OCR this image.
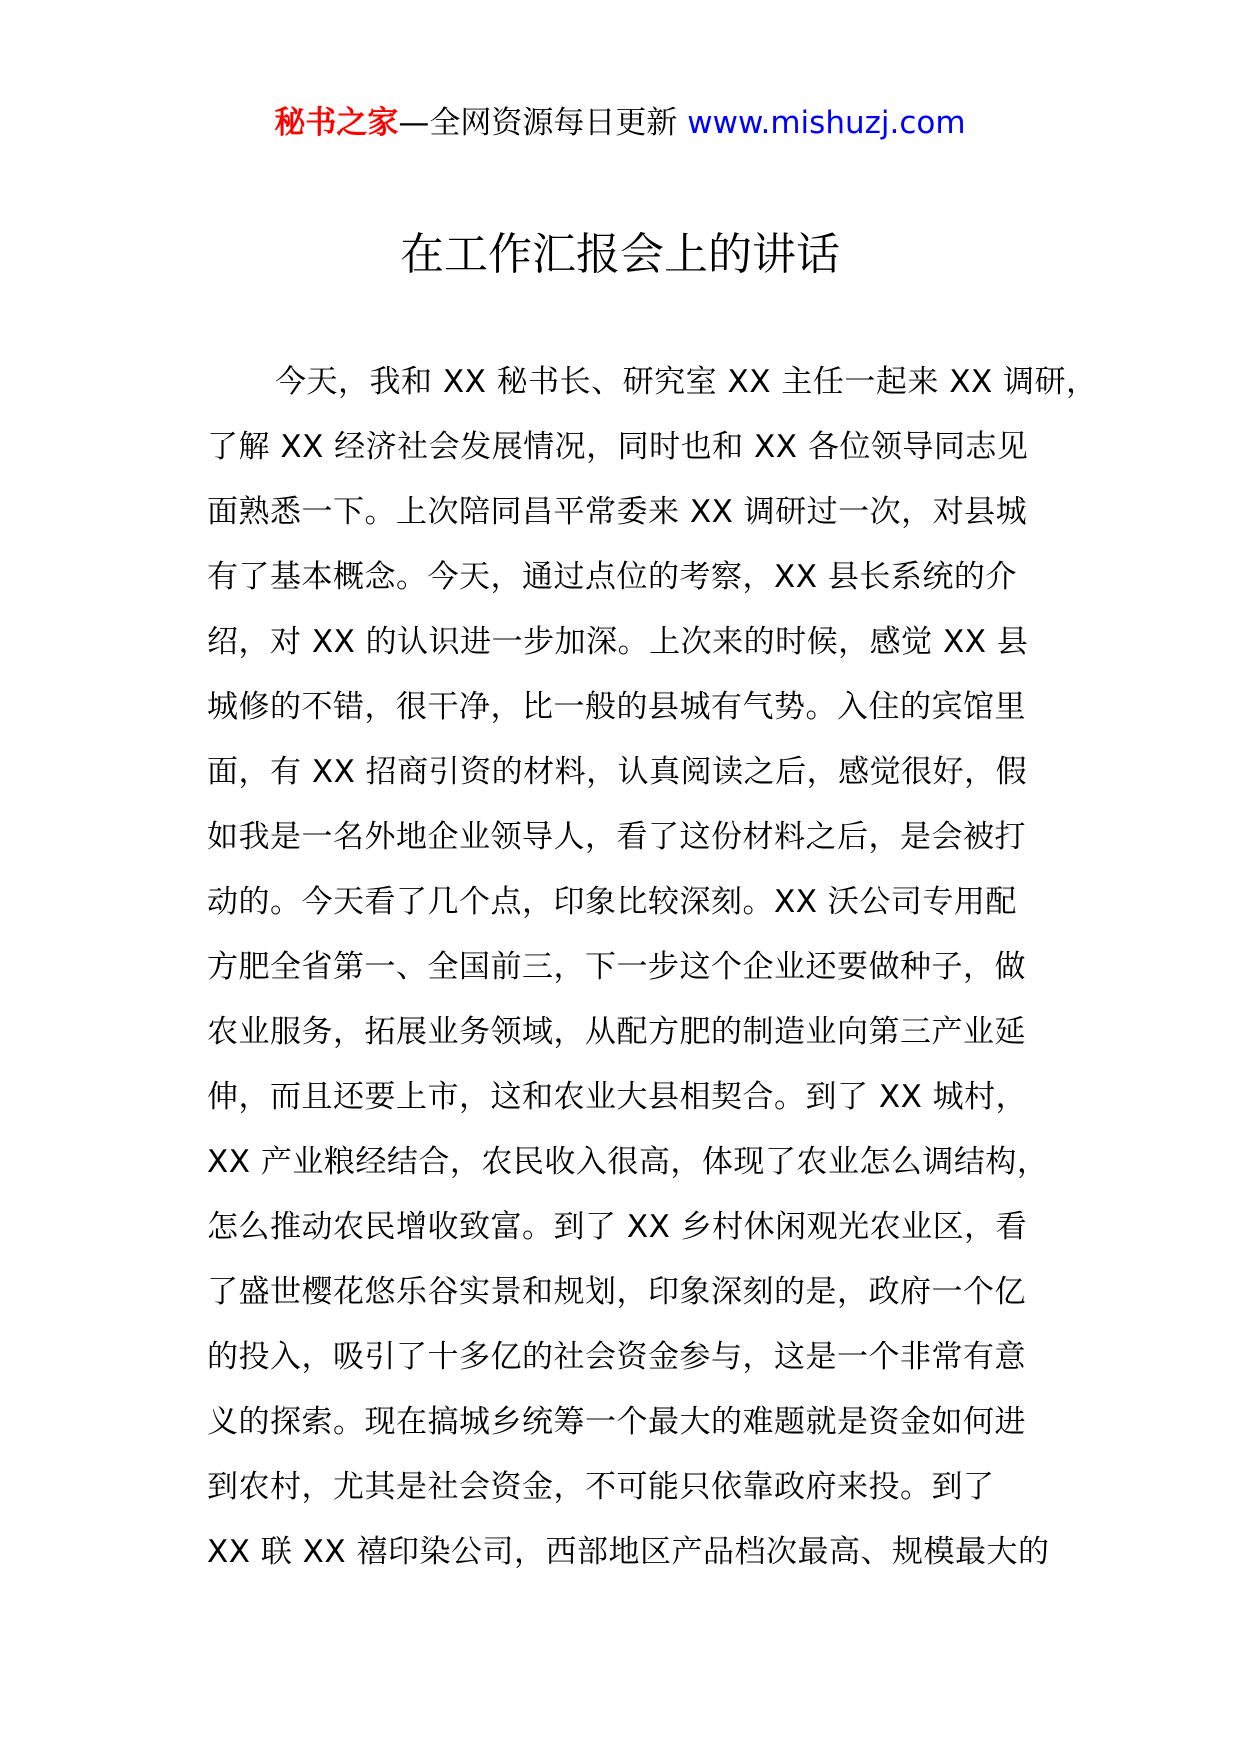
秘书之家—全网资源每日更新 www.mishuzj.com
在工作汇报会上的讲话
今天，我和 XX 秘书长、研究室 XX 主任一起来 XX 调研，
了解 XX 经济社会发展情况，同时也和 XX 各位领导同志见
面熟悉一下。上次陪同昌平常委来 XX 调研过一次，对县城
有了基本概念。今天，通过点位的考察，XX 县长系统的介
绍，对 XX 的认识进一步加深。上次来的时候，感觉 XX 县
城修的不错，很干净，比一般的县城有气势。入住的宾馆里
面，有 XX 招商引资的材料，认真阅读之后，感觉很好，假
如我是一名外地企业领导人，看了这份材料之后，是会被打
动的。今天看了几个点，印象比较深刻。XX 沃公司专用配
方肥全省第一、全国前三，下一步这个企业还要做种子，做
农业服务，拓展业务领域，从配方肥的制造业向第三产业延
伸，而且还要上市，这和农业大县相契合。到了 XX 城村，
XX 产业粮经结合，农民收入很高，体现了农业怎么调结构，
怎么推动农民增收致富。到了 XX 乡村休闲观光农业区，看
了盛世樱花悠乐谷实景和规划，印象深刻的是，政府一个亿
的投入，吸引了十多亿的社会资金参与，这是一个非常有意
义的探索。现在搞城乡统筹一个最大的难题就是资金如何进
到农村，尤其是社会资金，不可能只依靠政府来投。到了
XX 联 XX 禧印染公司，西部地区产品档次最高、规模最大的
